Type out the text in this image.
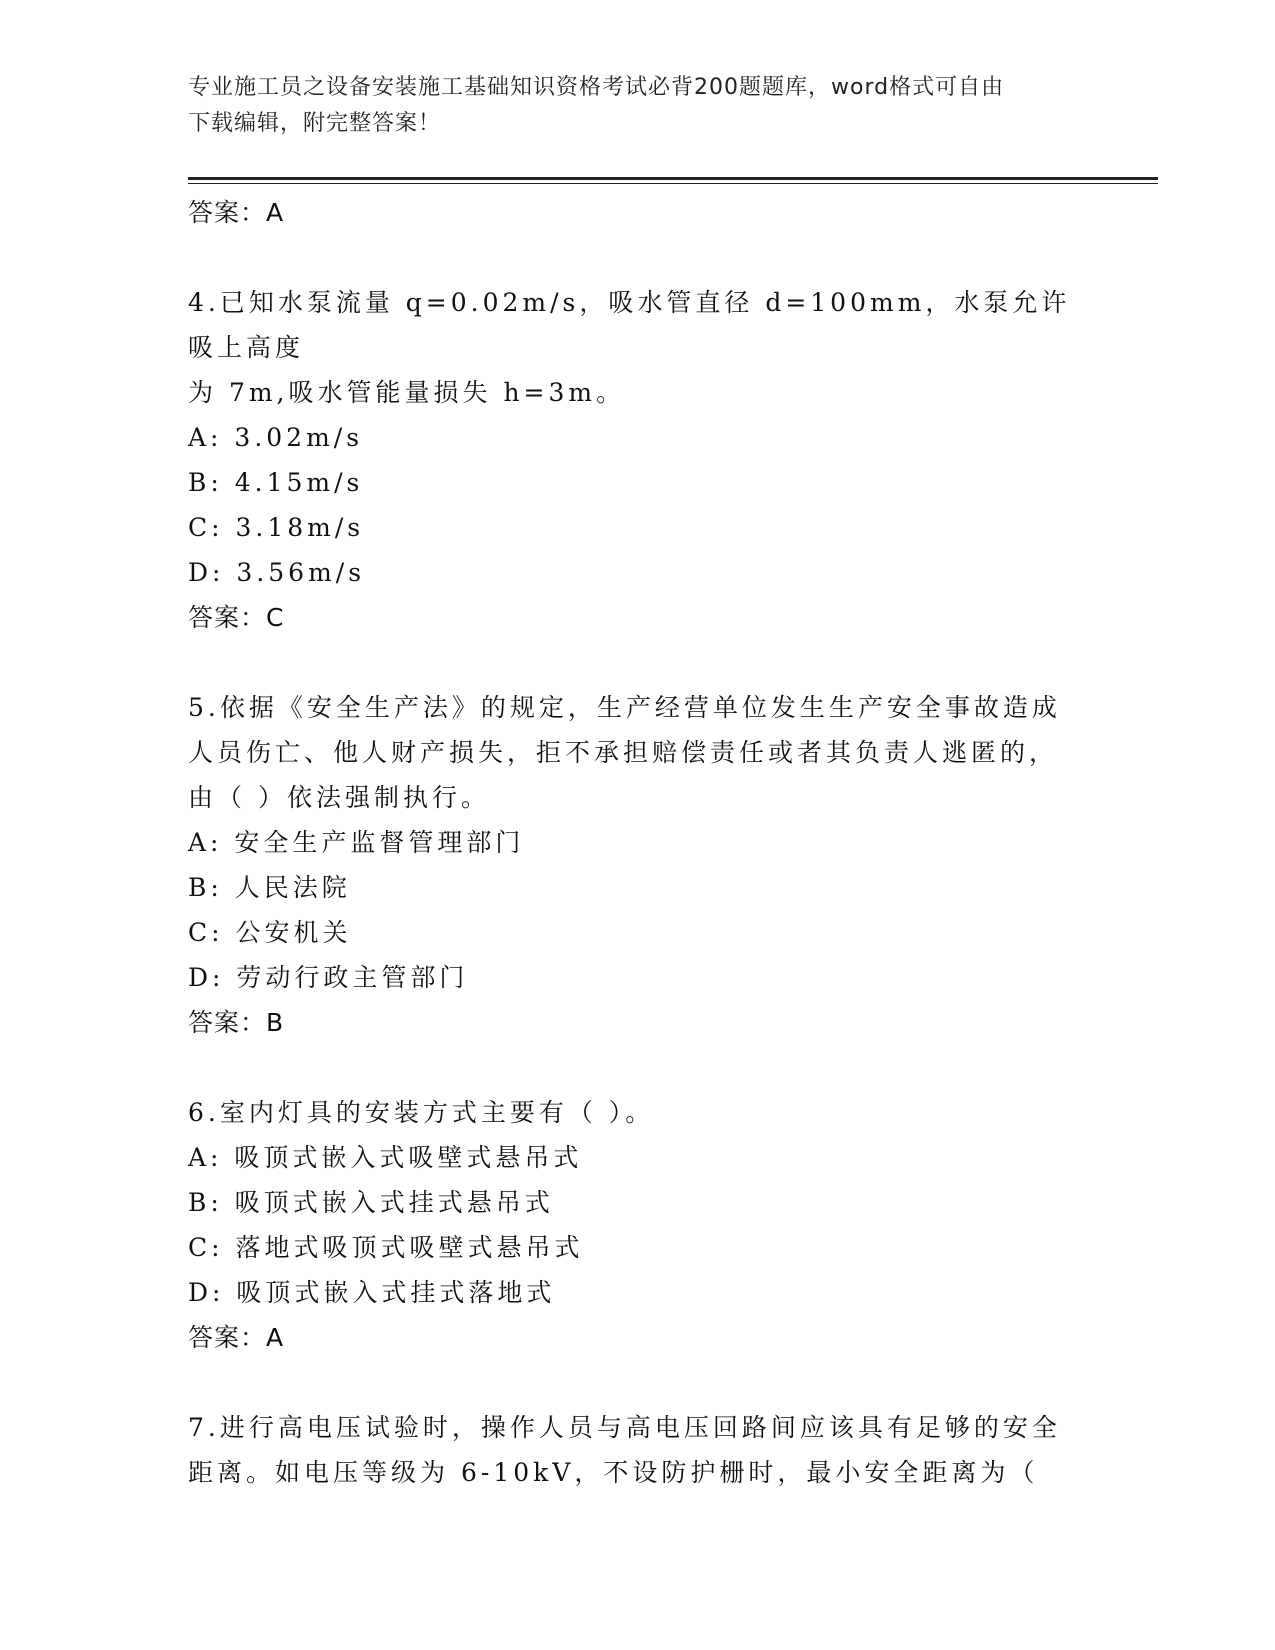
专业施工员之设备安装施工基础知识资格考试必背200题题库，word格式可自由
下载编辑，附完整答案！
答案：A
4.已知水泵流量 q=0.02m/s，吸水管直径 d=100mm，水泵允许吸上高度
为 7m,吸水管能量损失 h=3m。
A: 3.02m/s
B: 4.15m/s
C: 3.18m/s
D: 3.56m/s
答案：C
5.依据《安全生产法》的规定，生产经营单位发生生产安全事故造成
人员伤亡、他人财产损失，拒不承担赔偿责任或者其负责人逃匿的，
由（ ）依法强制执行。
A: 安全生产监督管理部门
B: 人民法院
C: 公安机关
D: 劳动行政主管部门
答案：B
6.室内灯具的安装方式主要有（ ）。
A: 吸顶式嵌入式吸壁式悬吊式
B: 吸顶式嵌入式挂式悬吊式
C: 落地式吸顶式吸壁式悬吊式
D: 吸顶式嵌入式挂式落地式
答案：A
7.进行高电压试验时，操作人员与高电压回路间应该具有足够的安全
距离。如电压等级为 6-10kV，不设防护栅时，最小安全距离为（
